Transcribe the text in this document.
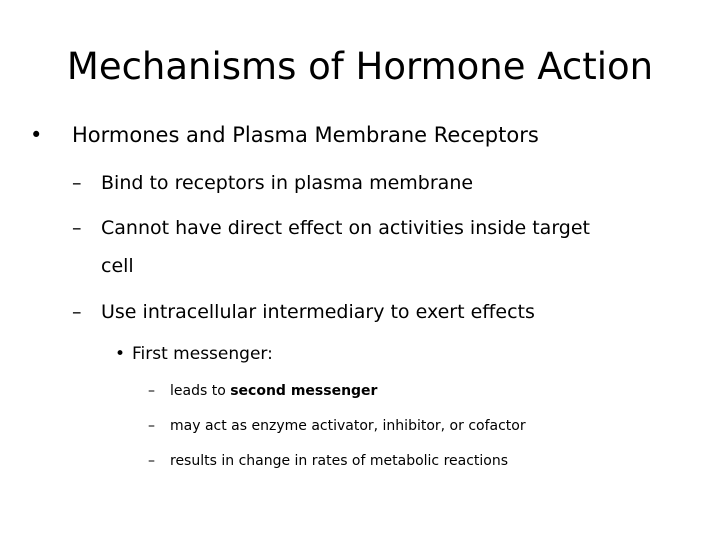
Mechanisms of Hormone Action
• Hormones and Plasma Membrane Receptors
– Bind to receptors in plasma membrane
– Cannot have direct effect on activities inside target
cell
– Use intracellular intermediary to exert effects
• First messenger:
– leads to second messenger
– may act as enzyme activator, inhibitor, or cofactor
– results in change in rates of metabolic reactions
